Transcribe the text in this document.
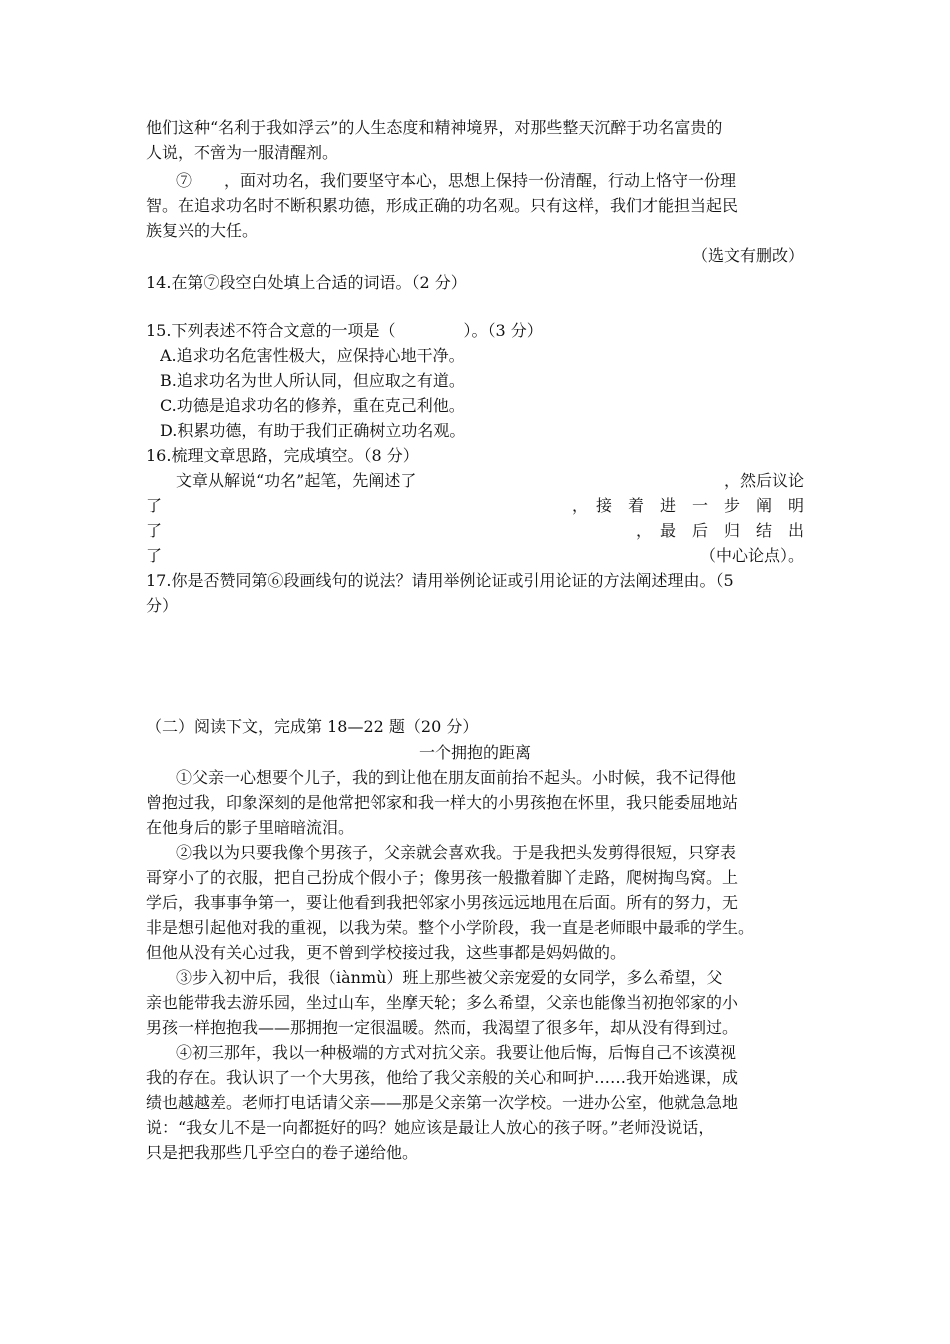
他们这种“名利于我如浮云”的人生态度和精神境界，对那些整天沉醉于功名富贵的
人说，不啻为一服清醒剂。
⑦　　，面对功名，我们要坚守本心，思想上保持一份清醒，行动上恪守一份理
智。在追求功名时不断积累功德，形成正确的功名观。只有这样，我们才能担当起民
族复兴的大任。
（选文有删改）
14.在第⑦段空白处填上合适的词语。（2 分）
15.下列表述不符合文意的一项是（	）。（3 分）
A.追求功名危害性极大，应保持心地干净。
B.追求功名为世人所认同，但应取之有道。
C.功德是追求功名的修养，重在克己利他。
D.积累功德，有助于我们正确树立功名观。
16.梳理文章思路，完成填空。（8 分）
文章从解说“功名”起笔，先阐述了	，然后议论
了	，　接　着　进　一　步　阐　明
了	，　最　后　归　结　出
了	（中心论点）。
17.你是否赞同第⑥段画线句的说法？请用举例论证或引用论证的方法阐述理由。（5
分）
（二）阅读下文，完成第 18—22 题（20 分）
一个拥抱的距离
①父亲一心想要个儿子，我的到让他在朋友面前抬不起头。小时候，我不记得他
曾抱过我，印象深刻的是他常把邻家和我一样大的小男孩抱在怀里，我只能委屈地站
在他身后的影子里暗暗流泪。
②我以为只要我像个男孩子，父亲就会喜欢我。于是我把头发剪得很短，只穿表
哥穿小了的衣服，把自己扮成个假小子；像男孩一般撒着脚丫走路，爬树掏鸟窝。上
学后，我事事争第一，要让他看到我把邻家小男孩远远地甩在后面。所有的努力，无
非是想引起他对我的重视，以我为荣。整个小学阶段，我一直是老师眼中最乖的学生。
但他从没有关心过我，更不曾到学校接过我，这些事都是妈妈做的。
③步入初中后，我很（iànmù）班上那些被父亲宠爱的女同学，多么希望，父
亲也能带我去游乐园，坐过山车，坐摩天轮；多么希望，父亲也能像当初抱邻家的小
男孩一样抱抱我——那拥抱一定很温暖。然而，我渴望了很多年，却从没有得到过。
④初三那年，我以一种极端的方式对抗父亲。我要让他后悔，后悔自己不该漠视
我的存在。我认识了一个大男孩，他给了我父亲般的关心和呵护……我开始逃课，成
绩也越越差。老师打电话请父亲——那是父亲第一次学校。一进办公室，他就急急地
说：“我女儿不是一向都挺好的吗？她应该是最让人放心的孩子呀。”老师没说话，
只是把我那些几乎空白的卷子递给他。
